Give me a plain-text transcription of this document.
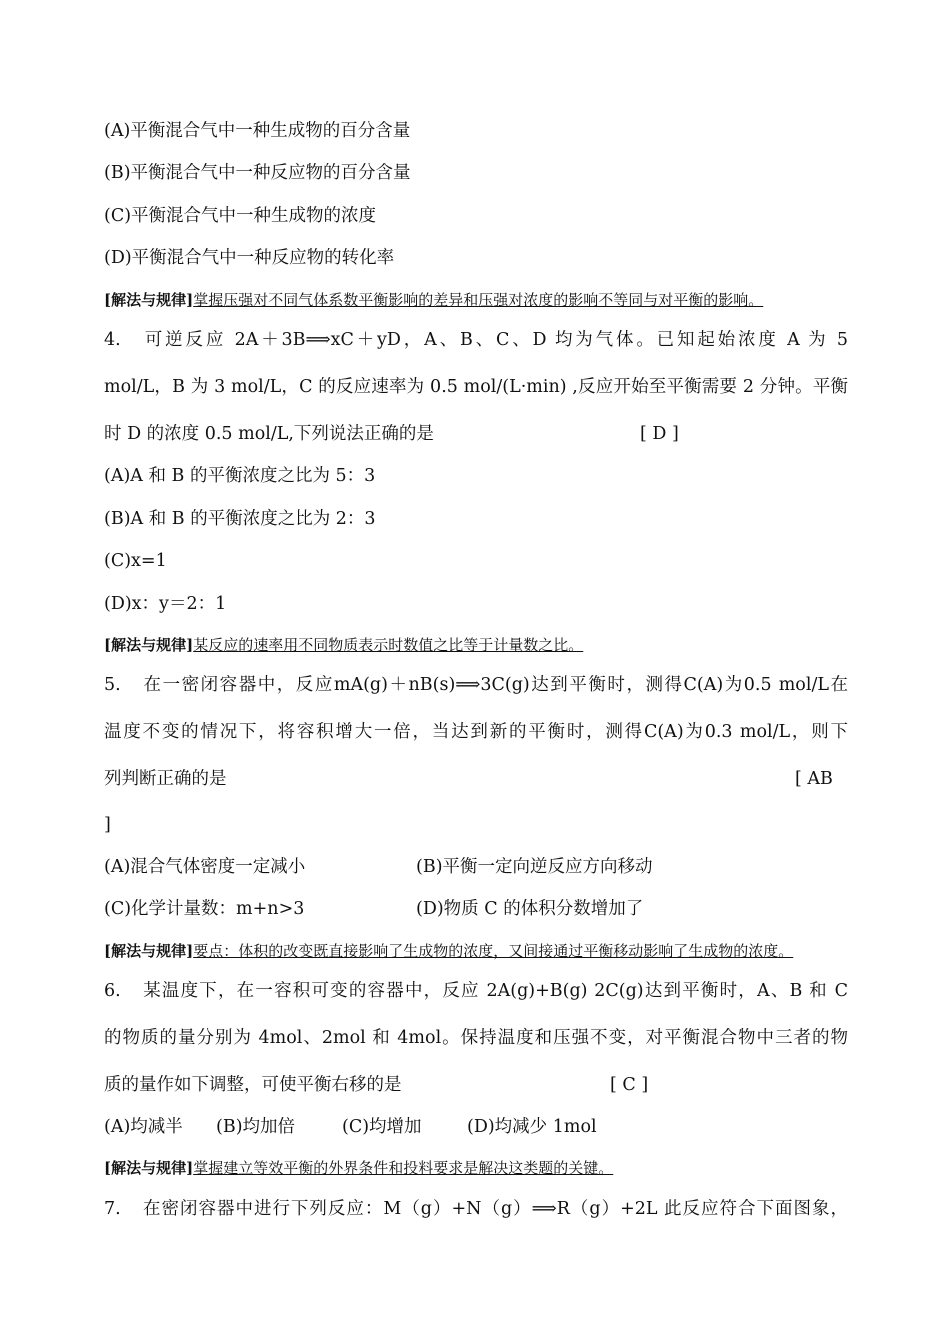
(A)平衡混合气中一种生成物的百分含量
(B)平衡混合气中一种反应物的百分含量
(C)平衡混合气中一种生成物的浓度
(D)平衡混合气中一种反应物的转化率
[解法与规律]掌握压强对不同气体系数平衡影响的差异和压强对浓度的影响不等同与对平衡的影响。
4. 可逆反应 2A＋3B⟹xC＋yD，A、B、C、D 均为气体。已知起始浓度 A 为 5
mol/L，B 为 3 mol/L，C 的反应速率为 0.5 mol/(L·min) ,反应开始至平衡需要 2 分钟。平衡
时 D 的浓度 0.5 mol/L,下列说法正确的是	[ D ]
(A)A 和 B 的平衡浓度之比为 5：3
(B)A 和 B 的平衡浓度之比为 2：3
(C)x=1
(D)x：y＝2：1
[解法与规律]某反应的速率用不同物质表示时数值之比等于计量数之比。
5. 在一密闭容器中，反应mA(g)＋nB(s)⟹3C(g)达到平衡时，测得C(A)为0.5 mol/L在
温度不变的情况下，将容积增大一倍，当达到新的平衡时，测得C(A)为0.3 mol/L，则下
列判断正确的是	[ AB
]
(A)混合气体密度一定减小	(B)平衡一定向逆反应方向移动
(C)化学计量数：m+n>3	(D)物质 C 的体积分数增加了
[解法与规律]要点：体积的改变既直接影响了生成物的浓度，又间接通过平衡移动影响了生成物的浓度。
6. 某温度下，在一容积可变的容器中，反应 2A(g)+B(g) 2C(g)达到平衡时，A、B 和 C
的物质的量分别为 4mol、2mol 和 4mol。保持温度和压强不变，对平衡混合物中三者的物
质的量作如下调整，可使平衡右移的是	[ C ]
(A)均减半 (B)均加倍	(C)均增加	(D)均减少 1mol
[解法与规律]掌握建立等效平衡的外界条件和投料要求是解决这类题的关键。
7. 在密闭容器中进行下列反应：M（g）+N（g）⟹R（g）+2L 此反应符合下面图象，
